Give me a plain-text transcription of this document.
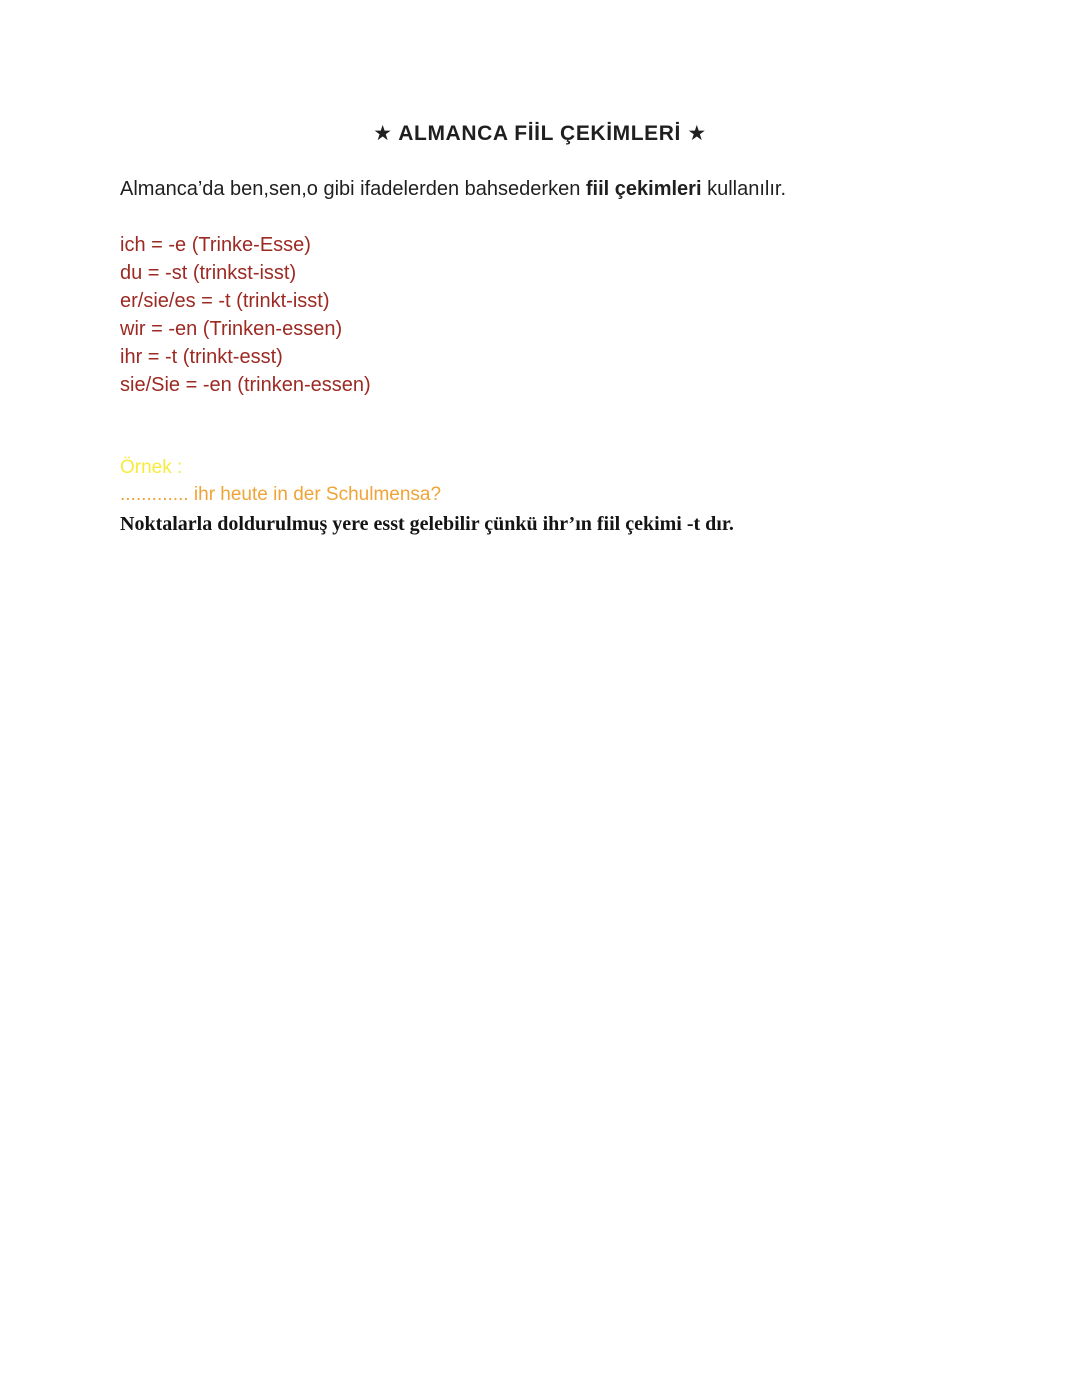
★ ALMANCA FİİL ÇEKİMLERİ ★

Almanca’da ben,sen,o gibi ifadelerden bahsederken fiil çekimleri kullanılır.

ich = -e (Trinke-Esse)
du = -st (trinkst-isst)
er/sie/es = -t (trinkt-isst)
wir = -en (Trinken-essen)
ihr = -t (trinkt-esst)
sie/Sie = -en (trinken-essen)
Örnek :
............. ihr heute in der Schulmensa?
Noktalarla doldurulmuş yere esst gelebilir çünkü ihr’ın fiil çekimi -t dır.
